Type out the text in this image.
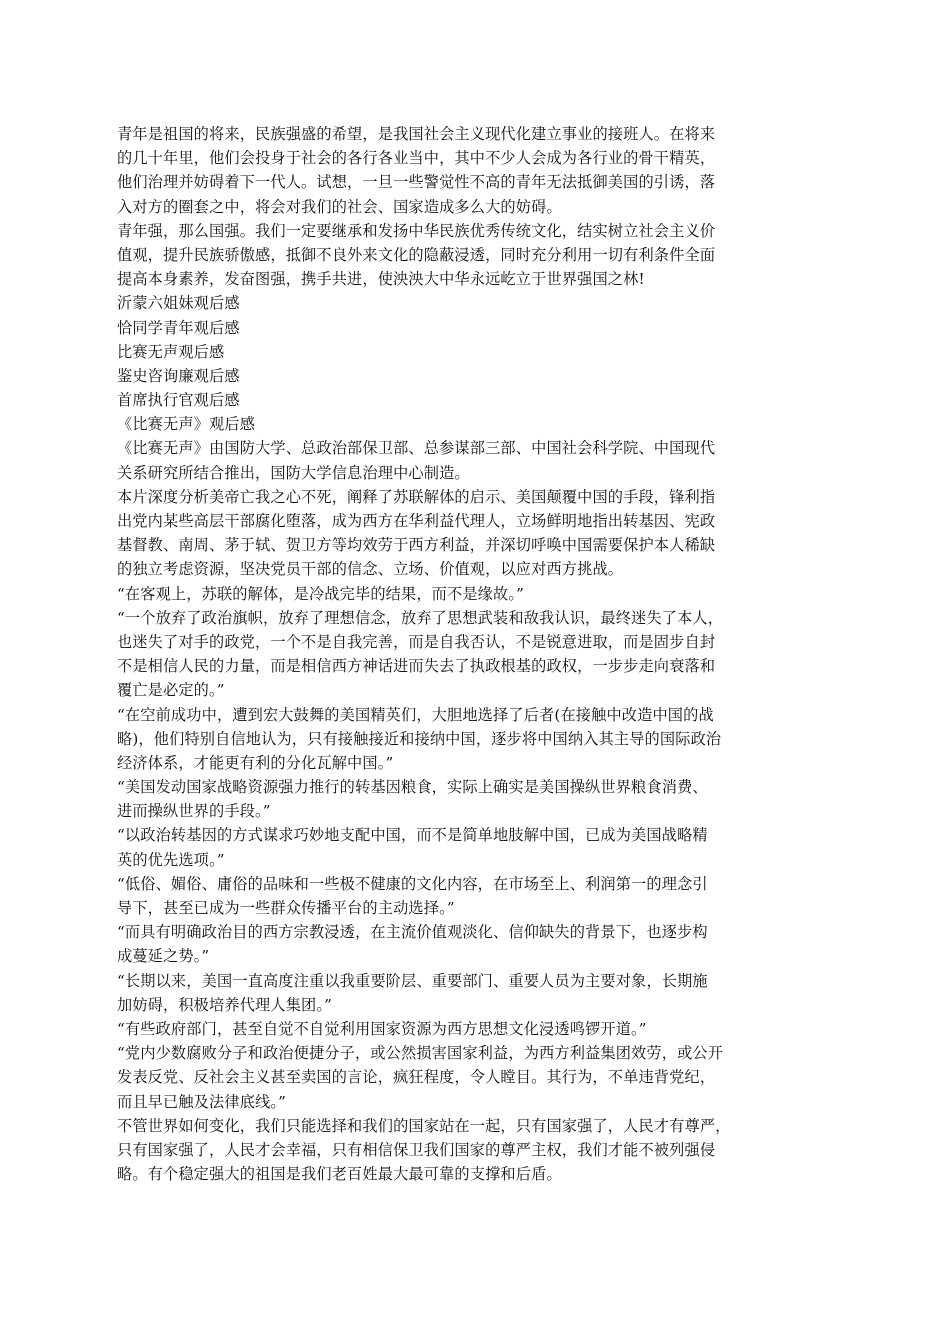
青年是祖国的将来，民族强盛的希望，是我国社会主义现代化建立事业的接班人。在将来
的几十年里，他们会投身于社会的各行各业当中，其中不少人会成为各行业的骨干精英，
他们治理并妨碍着下一代人。试想，一旦一些警觉性不高的青年无法抵御美国的引诱，落
入对方的圈套之中，将会对我们的社会、国家造成多么大的妨碍。
青年强，那么国强。我们一定要继承和发扬中华民族优秀传统文化，结实树立社会主义价
值观，提升民族骄傲感，抵御不良外来文化的隐蔽浸透，同时充分利用一切有利条件全面
提高本身素养，发奋图强，携手共进，使泱泱大中华永远屹立于世界强国之林!
沂蒙六姐妹观后感
恰同学青年观后感
比赛无声观后感
鉴史咨询廉观后感
首席执行官观后感
《比赛无声》观后感
《比赛无声》由国防大学、总政治部保卫部、总参谋部三部、中国社会科学院、中国现代
关系研究所结合推出，国防大学信息治理中心制造。
本片深度分析美帝亡我之心不死，阐释了苏联解体的启示、美国颠覆中国的手段，锋利指
出党内某些高层干部腐化堕落，成为西方在华利益代理人，立场鲜明地指出转基因、宪政
基督教、南周、茅于轼、贺卫方等均效劳于西方利益，并深切呼唤中国需要保护本人稀缺
的独立考虑资源，坚决党员干部的信念、立场、价值观，以应对西方挑战。
“在客观上，苏联的解体，是冷战完毕的结果，而不是缘故。”
“一个放弃了政治旗帜，放弃了理想信念，放弃了思想武装和敌我认识，最终迷失了本人，
也迷失了对手的政党，一个不是自我完善，而是自我否认，不是锐意进取，而是固步自封
不是相信人民的力量，而是相信西方神话进而失去了执政根基的政权，一步步走向衰落和
覆亡是必定的。”
“在空前成功中，遭到宏大鼓舞的美国精英们，大胆地选择了后者(在接触中改造中国的战
略)，他们特别自信地认为，只有接触接近和接纳中国，逐步将中国纳入其主导的国际政治
经济体系，才能更有利的分化瓦解中国。”
“美国发动国家战略资源强力推行的转基因粮食，实际上确实是美国操纵世界粮食消费、
进而操纵世界的手段。”
“以政治转基因的方式谋求巧妙地支配中国，而不是简单地肢解中国，已成为美国战略精
英的优先选项。”
“低俗、媚俗、庸俗的品味和一些极不健康的文化内容，在市场至上、利润第一的理念引
导下，甚至已成为一些群众传播平台的主动选择。”
“而具有明确政治目的西方宗教浸透，在主流价值观淡化、信仰缺失的背景下，也逐步构
成蔓延之势。”
“长期以来，美国一直高度注重以我重要阶层、重要部门、重要人员为主要对象，长期施
加妨碍，积极培养代理人集团。”
“有些政府部门，甚至自觉不自觉利用国家资源为西方思想文化浸透鸣锣开道。”
“党内少数腐败分子和政治便捷分子，或公然损害国家利益，为西方利益集团效劳，或公开
发表反党、反社会主义甚至卖国的言论，疯狂程度，令人瞠目。其行为，不单违背党纪，
而且早已触及法律底线。”
不管世界如何变化，我们只能选择和我们的国家站在一起，只有国家强了，人民才有尊严，
只有国家强了，人民才会幸福，只有相信保卫我们国家的尊严主权，我们才能不被列强侵
略。有个稳定强大的祖国是我们老百姓最大最可靠的支撑和后盾。
